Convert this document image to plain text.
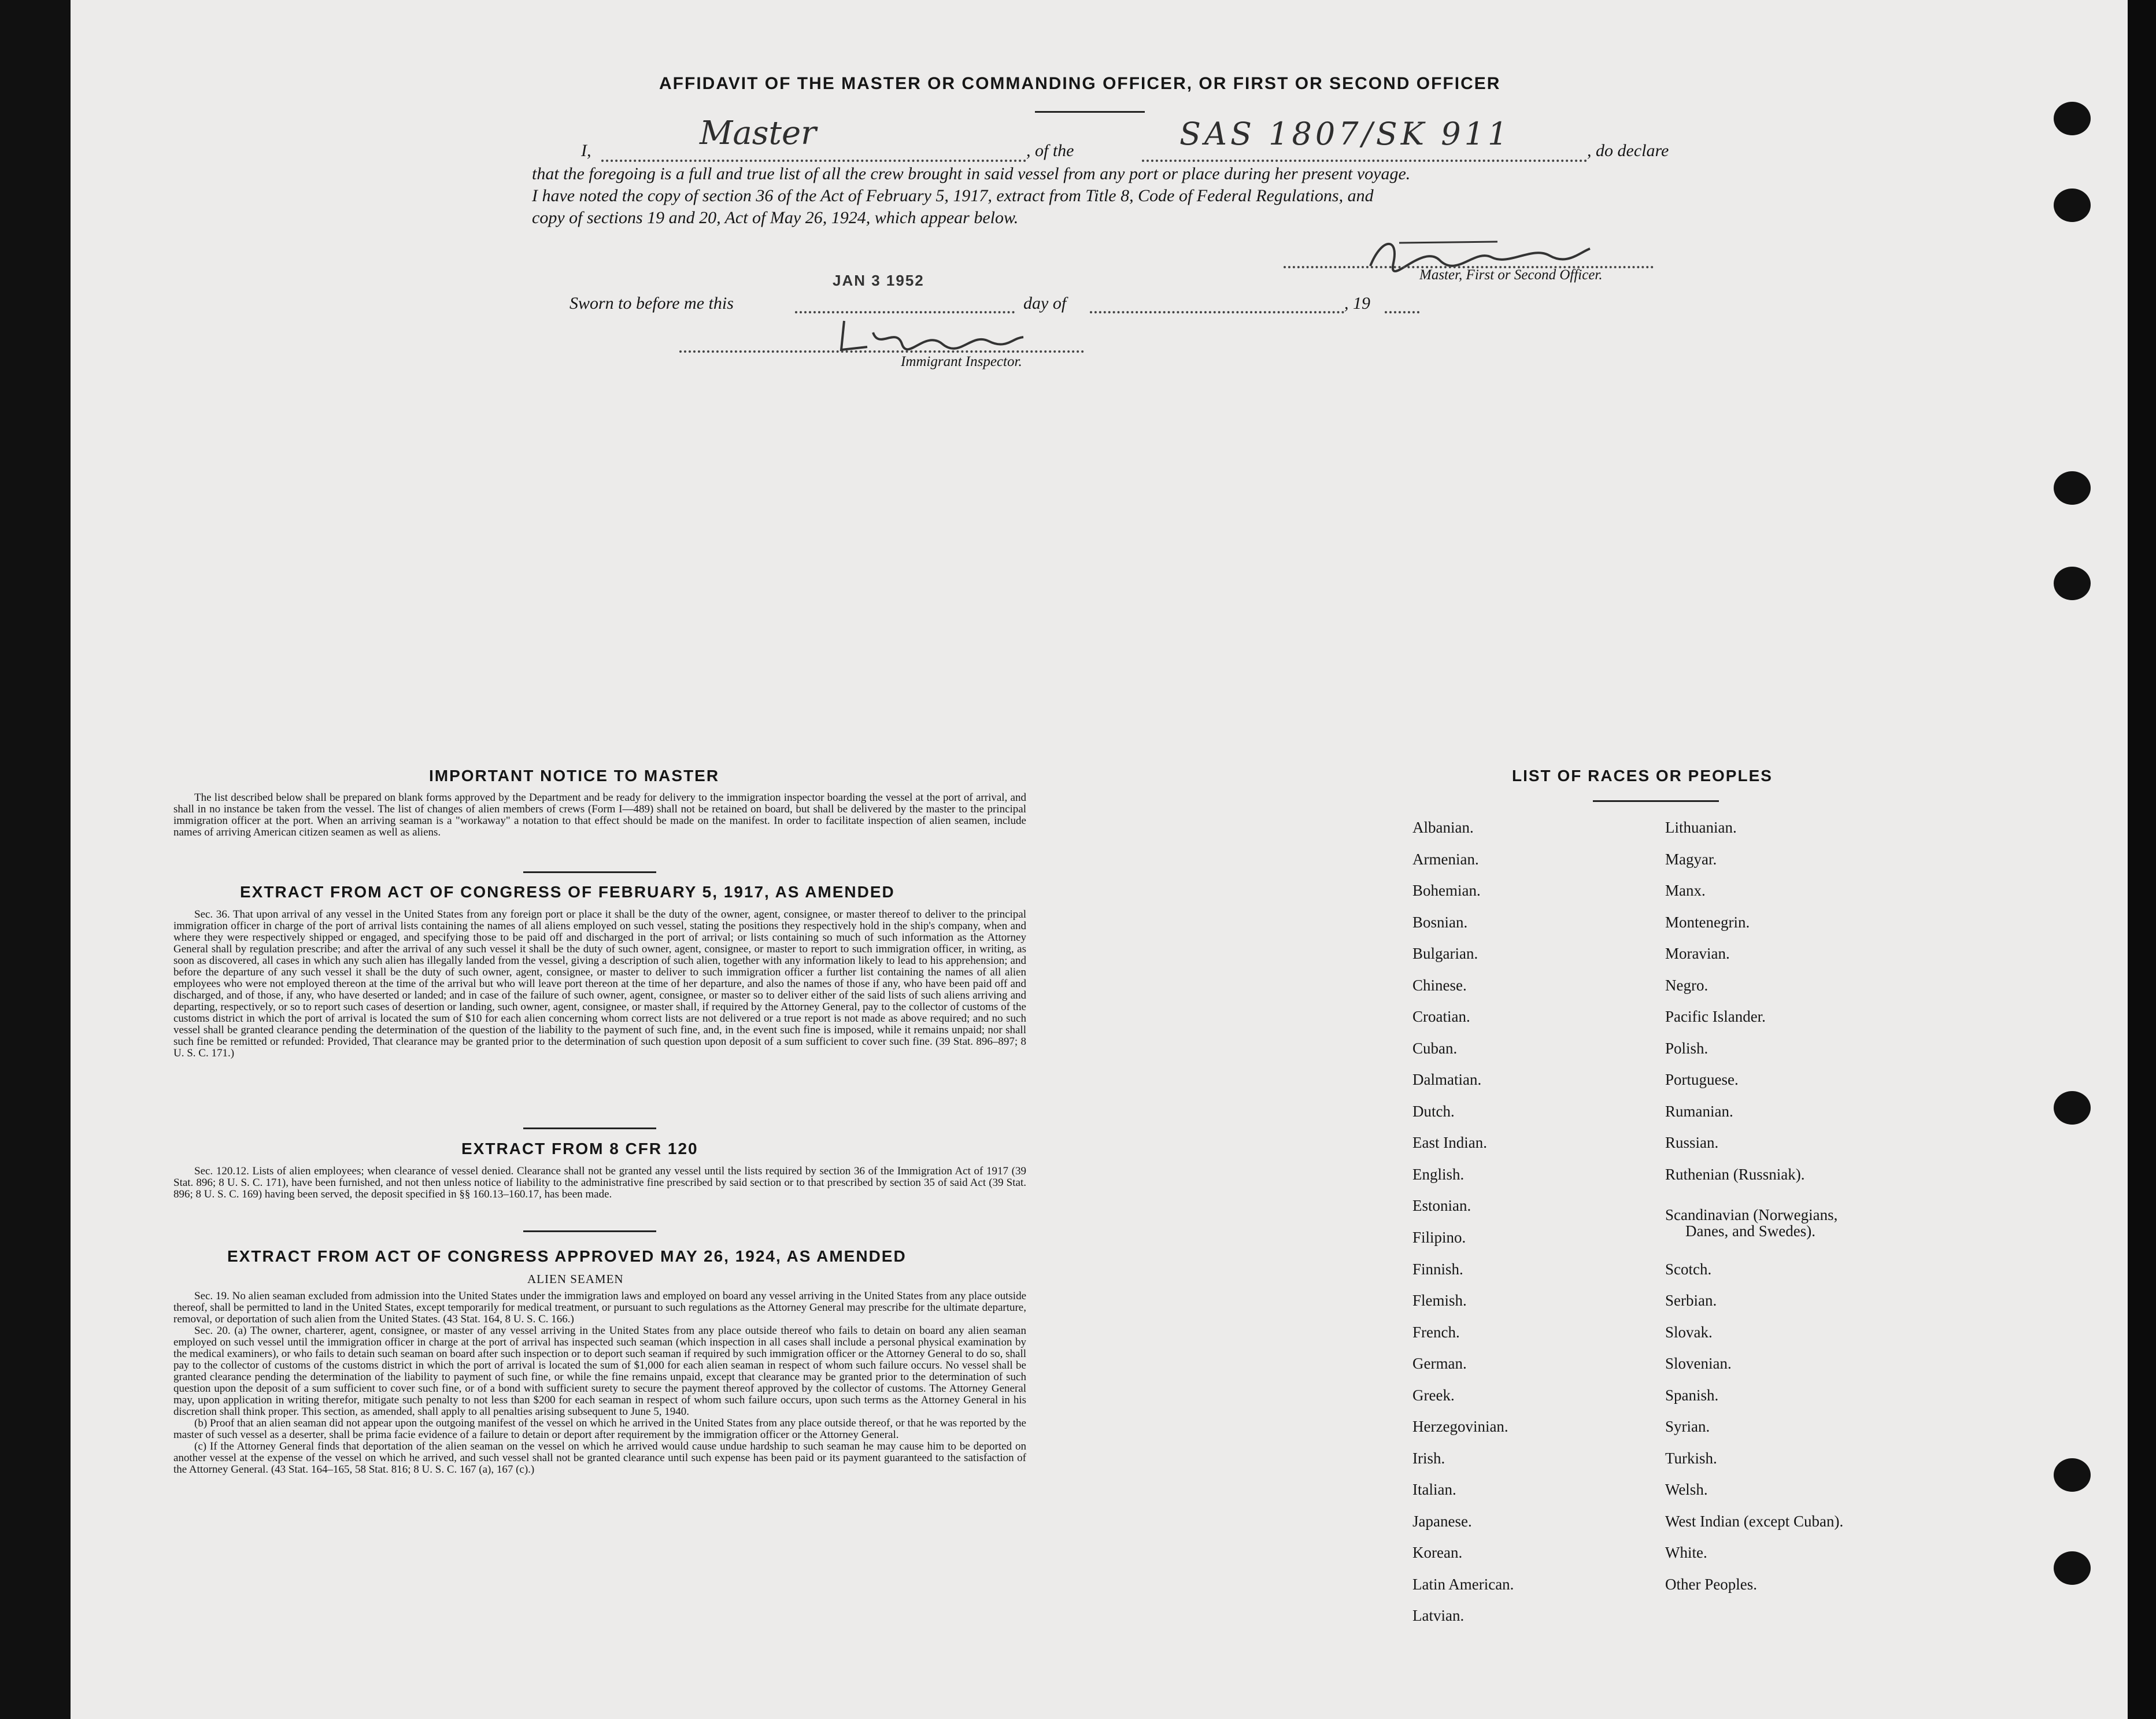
AFFIDAVIT OF THE MASTER OR COMMANDING OFFICER, OR FIRST OR SECOND OFFICER
I,	Master	, of the	SAS 1807/SK 911	, do declare
that the foregoing is a full and true list of all the crew brought in said vessel from any port or place during her present voyage.
I have noted the copy of section 36 of the Act of February 5, 1917, extract from Title 8, Code of Federal Regulations, and
copy of sections 19 and 20, Act of May 26, 1924, which appear below.
Master, First or Second Officer.
Sworn to before me this
JAN 3 1952
day of	, 19
Immigrant Inspector.
IMPORTANT NOTICE TO MASTER

The list described below shall be prepared on blank forms approved by the Department and be ready for delivery to the immigration inspector boarding the vessel at the port of arrival, and shall in no instance be taken from the vessel. The list of changes of alien members of crews (Form I—489) shall not be retained on board, but shall be delivered by the master to the principal immigration officer at the port. When an arriving seaman is a "workaway" a notation to that effect should be made on the manifest. In order to facilitate inspection of alien seamen, include names of arriving American citizen seamen as well as aliens.

EXTRACT FROM ACT OF CONGRESS OF FEBRUARY 5, 1917, AS AMENDED

Sec. 36. That upon arrival of any vessel in the United States from any foreign port or place it shall be the duty of the owner, agent, consignee, or master thereof to deliver to the principal immigration officer in charge of the port of arrival lists containing the names of all aliens employed on such vessel, stating the positions they respectively hold in the ship's company, when and where they were respectively shipped or engaged, and specifying those to be paid off and discharged in the port of arrival; or lists containing so much of such information as the Attorney General shall by regulation prescribe; and after the arrival of any such vessel it shall be the duty of such owner, agent, consignee, or master to report to such immigration officer, in writing, as soon as discovered, all cases in which any such alien has illegally landed from the vessel, giving a description of such alien, together with any information likely to lead to his apprehension; and before the departure of any such vessel it shall be the duty of such owner, agent, consignee, or master to deliver to such immigration officer a further list containing the names of all alien employees who were not employed thereon at the time of the arrival but who will leave port thereon at the time of her departure, and also the names of those if any, who have been paid off and discharged, and of those, if any, who have deserted or landed; and in case of the failure of such owner, agent, consignee, or master so to deliver either of the said lists of such aliens arriving and departing, respectively, or so to report such cases of desertion or landing, such owner, agent, consignee, or master shall, if required by the Attorney General, pay to the collector of customs of the customs district in which the port of arrival is located the sum of $10 for each alien concerning whom correct lists are not delivered or a true report is not made as above required; and no such vessel shall be granted clearance pending the determination of the question of the liability to the payment of such fine, and, in the event such fine is imposed, while it remains unpaid; nor shall such fine be remitted or refunded: Provided, That clearance may be granted prior to the determination of such question upon deposit of a sum sufficient to cover such fine. (39 Stat. 896–897; 8 U. S. C. 171.)

EXTRACT FROM 8 CFR 120

Sec. 120.12. Lists of alien employees; when clearance of vessel denied. Clearance shall not be granted any vessel until the lists required by section 36 of the Immigration Act of 1917 (39 Stat. 896; 8 U. S. C. 171), have been furnished, and not then unless notice of liability to the administrative fine prescribed by said section or to that prescribed by section 35 of said Act (39 Stat. 896; 8 U. S. C. 169) having been served, the deposit specified in §§ 160.13–160.17, has been made.

EXTRACT FROM ACT OF CONGRESS APPROVED MAY 26, 1924, AS AMENDED
ALIEN SEAMEN

Sec. 19. No alien seaman excluded from admission into the United States under the immigration laws and employed on board any vessel arriving in the United States from any place outside thereof, shall be permitted to land in the United States, except temporarily for medical treatment, or pursuant to such regulations as the Attorney General may prescribe for the ultimate departure, removal, or deportation of such alien from the United States. (43 Stat. 164, 8 U. S. C. 166.)

Sec. 20. (a) The owner, charterer, agent, consignee, or master of any vessel arriving in the United States from any place outside thereof who fails to detain on board any alien seaman employed on such vessel until the immigration officer in charge at the port of arrival has inspected such seaman (which inspection in all cases shall include a personal physical examination by the medical examiners), or who fails to detain such seaman on board after such inspection or to deport such seaman if required by such immigration officer or the Attorney General to do so, shall pay to the collector of customs of the customs district in which the port of arrival is located the sum of $1,000 for each alien seaman in respect of whom such failure occurs. No vessel shall be granted clearance pending the determination of the liability to payment of such fine, or while the fine remains unpaid, except that clearance may be granted prior to the determination of such question upon the deposit of a sum sufficient to cover such fine, or of a bond with sufficient surety to secure the payment thereof approved by the collector of customs. The Attorney General may, upon application in writing therefor, mitigate such penalty to not less than $200 for each seaman in respect of whom such failure occurs, upon such terms as the Attorney General in his discretion shall think proper. This section, as amended, shall apply to all penalties arising subsequent to June 5, 1940.

(b) Proof that an alien seaman did not appear upon the outgoing manifest of the vessel on which he arrived in the United States from any place outside thereof, or that he was reported by the master of such vessel as a deserter, shall be prima facie evidence of a failure to detain or deport after requirement by the immigration officer or the Attorney General.

(c) If the Attorney General finds that deportation of the alien seaman on the vessel on which he arrived would cause undue hardship to such seaman he may cause him to be deported on another vessel at the expense of the vessel on which he arrived, and such vessel shall not be granted clearance until such expense has been paid or its payment guaranteed to the satisfaction of the Attorney General. (43 Stat. 164–165, 58 Stat. 816; 8 U. S. C. 167 (a), 167 (c).)

LIST OF RACES OR PEOPLES
Albanian.
Armenian.
Bohemian.
Bosnian.
Bulgarian.
Chinese.
Croatian.
Cuban.
Dalmatian.
Dutch.
East Indian.
English.
Estonian.
Filipino.
Finnish.
Flemish.
French.
German.
Greek.
Herzegovinian.
Irish.
Italian.
Japanese.
Korean.
Latin American.
Latvian.
Lithuanian.
Magyar.
Manx.
Montenegrin.
Moravian.
Negro.
Pacific Islander.
Polish.
Portuguese.
Rumanian.
Russian.
Ruthenian (Russniak).
Scandinavian (Norwegians,
Danes, and Swedes).
Scotch.
Serbian.
Slovak.
Slovenian.
Spanish.
Syrian.
Turkish.
Welsh.
West Indian (except Cuban).
White.
Other Peoples.
